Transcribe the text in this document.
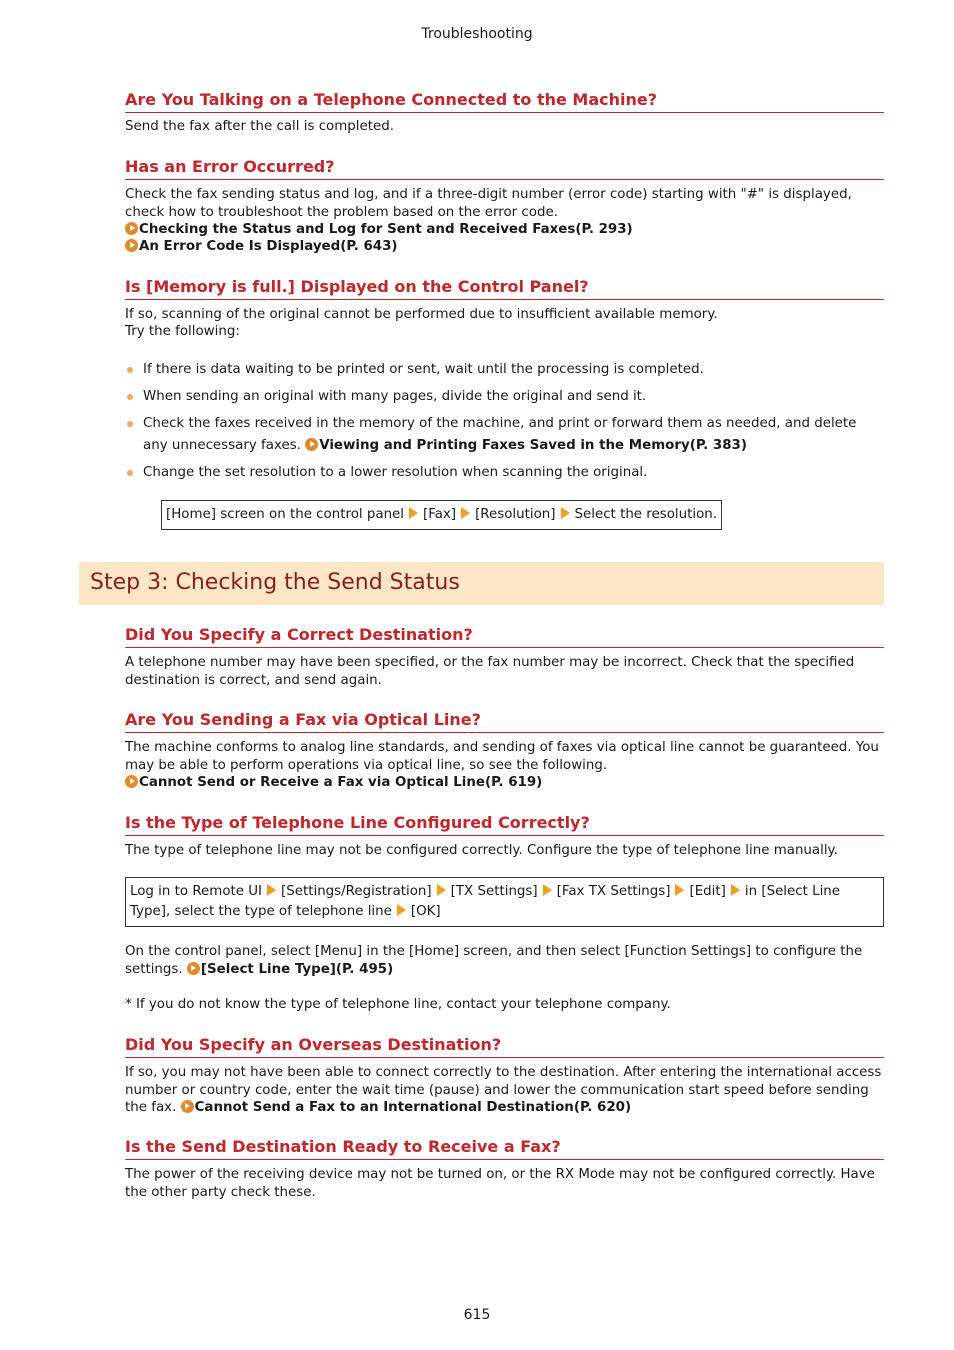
Troubleshooting
Are You Talking on a Telephone Connected to the Machine?
Send the fax after the call is completed.
Has an Error Occurred?
Check the fax sending status and log, and if a three-digit number (error code) starting with "#" is displayed, check how to troubleshoot the problem based on the error code.
Checking the Status and Log for Sent and Received Faxes(P. 293)
An Error Code Is Displayed(P. 643)
Is [Memory is full.] Displayed on the Control Panel?
If so, scanning of the original cannot be performed due to insufficient available memory.
Try the following:
If there is data waiting to be printed or sent, wait until the processing is completed.
When sending an original with many pages, divide the original and send it.
Check the faxes received in the memory of the machine, and print or forward them as needed, and delete any unnecessary faxes. Viewing and Printing Faxes Saved in the Memory(P. 383)
Change the set resolution to a lower resolution when scanning the original.
[Home] screen on the control panel [Fax] [Resolution] Select the resolution.
Step 3: Checking the Send Status
Did You Specify a Correct Destination?
A telephone number may have been specified, or the fax number may be incorrect. Check that the specified destination is correct, and send again.
Are You Sending a Fax via Optical Line?
The machine conforms to analog line standards, and sending of faxes via optical line cannot be guaranteed. You may be able to perform operations via optical line, so see the following.
Cannot Send or Receive a Fax via Optical Line(P. 619)
Is the Type of Telephone Line Configured Correctly?
The type of telephone line may not be configured correctly. Configure the type of telephone line manually.
Log in to Remote UI [Settings/Registration] [TX Settings] [Fax TX Settings] [Edit] in [Select Line Type], select the type of telephone line [OK]
On the control panel, select [Menu] in the [Home] screen, and then select [Function Settings] to configure the settings. [Select Line Type](P. 495)
* If you do not know the type of telephone line, contact your telephone company.
Did You Specify an Overseas Destination?
If so, you may not have been able to connect correctly to the destination. After entering the international access number or country code, enter the wait time (pause) and lower the communication start speed before sending the fax. Cannot Send a Fax to an International Destination(P. 620)
Is the Send Destination Ready to Receive a Fax?
The power of the receiving device may not be turned on, or the RX Mode may not be configured correctly. Have the other party check these.
615
